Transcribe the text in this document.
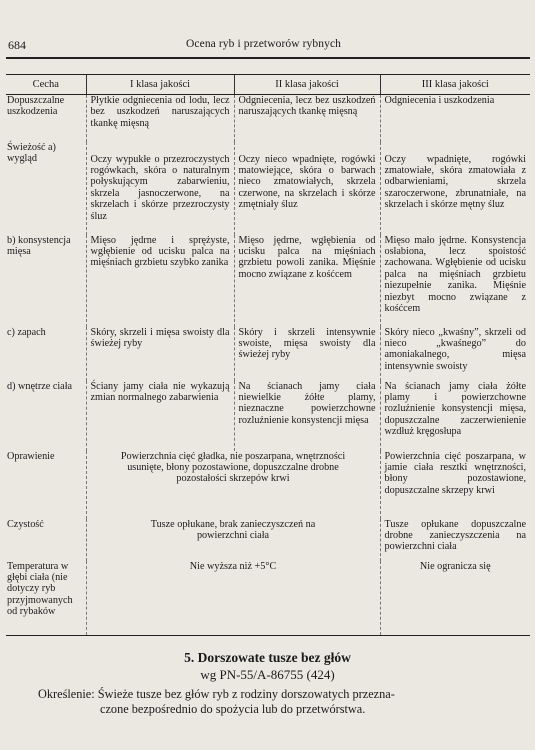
684	Ocena ryb i przetworów rybnych
Cecha	I klasa jakości	II klasa jakości	III klasa jakości
Dopuszczalne uszkodzenia	Płytkie odgniecenia od lodu, lecz bez uszkodzeń naruszających tkankę mięsną	Odgniecenia, lecz bez uszkodzeń naruszających tkankę mięsną	Odgniecenia i uszkodzenia
Świeżość a) wygląd	Oczy wypukłe o przezroczystych rogówkach, skóra o naturalnym połyskującym zabarwieniu, skrzela jasnoczerwone, na skrzelach i skórze przezroczysty śluz	Oczy nieco wpadnięte, rogówki matowiejące, skóra o barwach nieco zmatowiałych, skrzela czerwone, na skrzelach i skórze zmętniały śluz	Oczy wpadnięte, rogówki zmatowiałe, skóra zmatowiała z odbarwieniami, skrzela szaroczerwone, zbrunatniałe, na skrzelach i skórze mętny śluz
b) konsystencja mięsa	Mięso jędrne i sprężyste, wgłębienie od ucisku palca na mięśniach grzbietu szybko zanika	Mięso jędrne, wgłębienia od ucisku palca na mięśniach grzbietu powoli zanika. Mięśnie mocno związane z kośćcem	Mięso mało jędrne. Konsystencja osłabiona, lecz spoistość zachowana. Wgłębienie od ucisku palca na mięśniach grzbietu niezupełnie zanika. Mięśnie niezbyt mocno związane z kośćcem
c) zapach	Skóry, skrzeli i mięsa swoisty dla świeżej ryby	Skóry i skrzeli intensywnie swoiste, mięsa swoisty dla świeżej ryby	Skóry nieco „kwaśny”, skrzeli od nieco „kwaśnego” do amoniakalnego, mięsa intensywnie swoisty
d) wnętrze ciała	Ściany jamy ciała nie wykazują zmian normalnego zabarwienia	Na ścianach jamy ciała niewielkie żółte plamy, nieznaczne powierzchowne rozluźnienie konsystencji mięsa	Na ścianach jamy ciała żółte plamy i powierzchowne rozluźnienie konsystencji mięsa, dopuszczalne zaczerwienienie wzdłuż kręgosłupa
Oprawienie	Powierzchnia cięć gładka, nie poszarpana, wnętrzności usunięte, błony pozostawione, dopuszczalne drobne pozostałości skrzepów krwi		Powierzchnia cięć poszarpana, w jamie ciała resztki wnętrzności, błony pozostawione, dopuszczalne skrzepy krwi
Czystość	Tusze opłukane, brak zanieczyszczeń na powierzchni ciała		Tusze opłukane dopuszczalne drobne zanieczyszczenia na powierzchni ciała
Temperatura w głębi ciała (nie dotyczy ryb przyjmowanych od rybaków	Nie wyższa niż +5°C		Nie ogranicza się
5. Dorszowate tusze bez głów
wg PN-55/A-86755 (424)
Określenie: Świeże tusze bez głów ryb z rodziny dorszowatych przezna-
czone bezpośrednio do spożycia lub do przetwórstwa.
